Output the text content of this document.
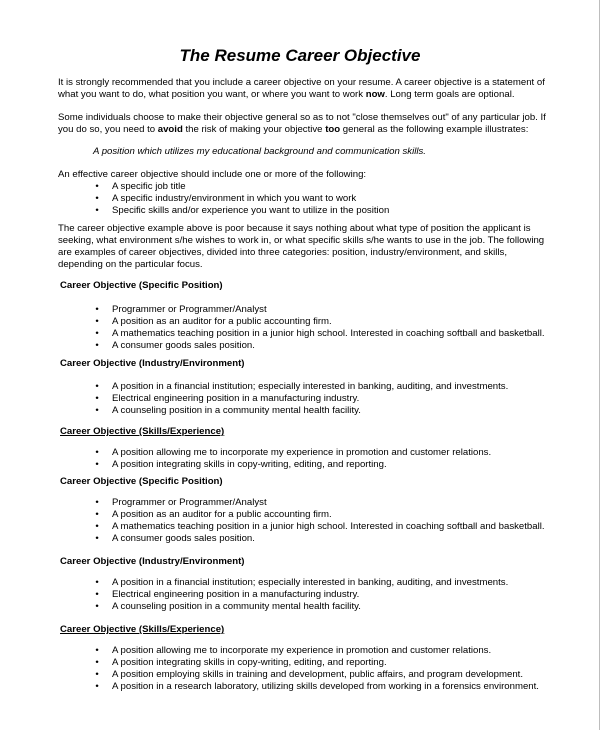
The Resume Career Objective
It is strongly recommended that you include a career objective on your resume. A career objective is a statement of
what you want to do, what position you want, or where you want to work now. Long term goals are optional.
Some individuals choose to make their objective general so as to not "close themselves out" of any particular job. If
you do so, you need to avoid the risk of making your objective too general as the following example illustrates:
A position which utilizes my educational background and communication skills.
An effective career objective should include one or more of the following:
•	A specific job title
•	A specific industry/environment in which you want to work
•	Specific skills and/or experience you want to utilize in the position
The career objective example above is poor because it says nothing about what type of position the applicant is
seeking, what environment s/he wishes to work in, or what specific skills s/he wants to use in the job. The following
are examples of career objectives, divided into three categories: position, industry/environment, and skills,
depending on the particular focus.
Career Objective (Specific Position)
•	Programmer or Programmer/Analyst
•	A position as an auditor for a public accounting firm.
•	A mathematics teaching position in a junior high school. Interested in coaching softball and basketball.
•	A consumer goods sales position.
Career Objective (Industry/Environment)
•	A position in a financial institution; especially interested in banking, auditing, and investments.
•	Electrical engineering position in a manufacturing industry.
•	A counseling position in a community mental health facility.
Career Objective (Skills/Experience)
•	A position allowing me to incorporate my experience in promotion and customer relations.
•	A position integrating skills in copy-writing, editing, and reporting.
Career Objective (Specific Position)
•	Programmer or Programmer/Analyst
•	A position as an auditor for a public accounting firm.
•	A mathematics teaching position in a junior high school. Interested in coaching softball and basketball.
•	A consumer goods sales position.
Career Objective (Industry/Environment)
•	A position in a financial institution; especially interested in banking, auditing, and investments.
•	Electrical engineering position in a manufacturing industry.
•	A counseling position in a community mental health facility.
Career Objective (Skills/Experience)
•	A position allowing me to incorporate my experience in promotion and customer relations.
•	A position integrating skills in copy-writing, editing, and reporting.
•	A position employing skills in training and development, public affairs, and program development.
•	A position in a research laboratory, utilizing skills developed from working in a forensics environment.
